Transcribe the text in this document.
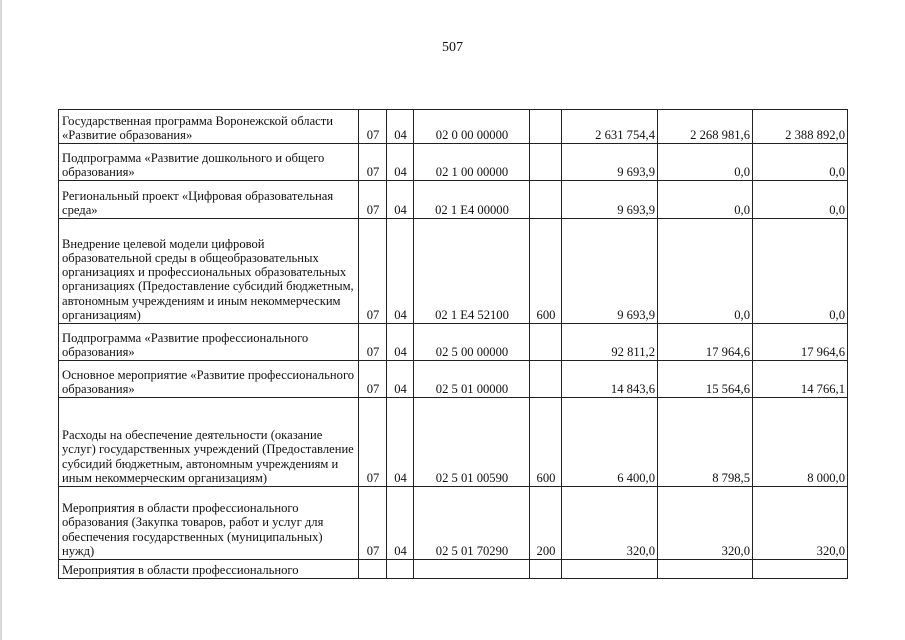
507
Государственная программа Воронежской области «Развитие образования»	07	04	02 0 00 00000		2 631 754,4	2 268 981,6	2 388 892,0

Подпрограмма «Развитие дошкольного и общего образования»	07	04	02 1 00 00000		9 693,9	0,0	0,0

Региональный проект «Цифровая образовательная среда»	07	04	02 1 E4 00000		9 693,9	0,0	0,0

Внедрение целевой модели цифровой образовательной среды в общеобразовательных организациях и профессиональных образовательных организациях (Предоставление субсидий бюджетным, автономным учреждениям и иным некоммерческим организациям)	07	04	02 1 E4 52100	600	9 693,9	0,0	0,0

Подпрограмма «Развитие профессионального образования»	07	04	02 5 00 00000		92 811,2	17 964,6	17 964,6

Основное мероприятие «Развитие профессионального образования»	07	04	02 5 01 00000		14 843,6	15 564,6	14 766,1

Расходы на обеспечение деятельности (оказание услуг) государственных учреждений (Предоставление субсидий бюджетным, автономным учреждениям и иным некоммерческим организациям)	07	04	02 5 01 00590	600	6 400,0	8 798,5	8 000,0

Мероприятия в области профессионального образования (Закупка товаров, работ и услуг для обеспечения государственных (муниципальных) нужд)	07	04	02 5 01 70290	200	320,0	320,0	320,0

Мероприятия в области профессионального							
